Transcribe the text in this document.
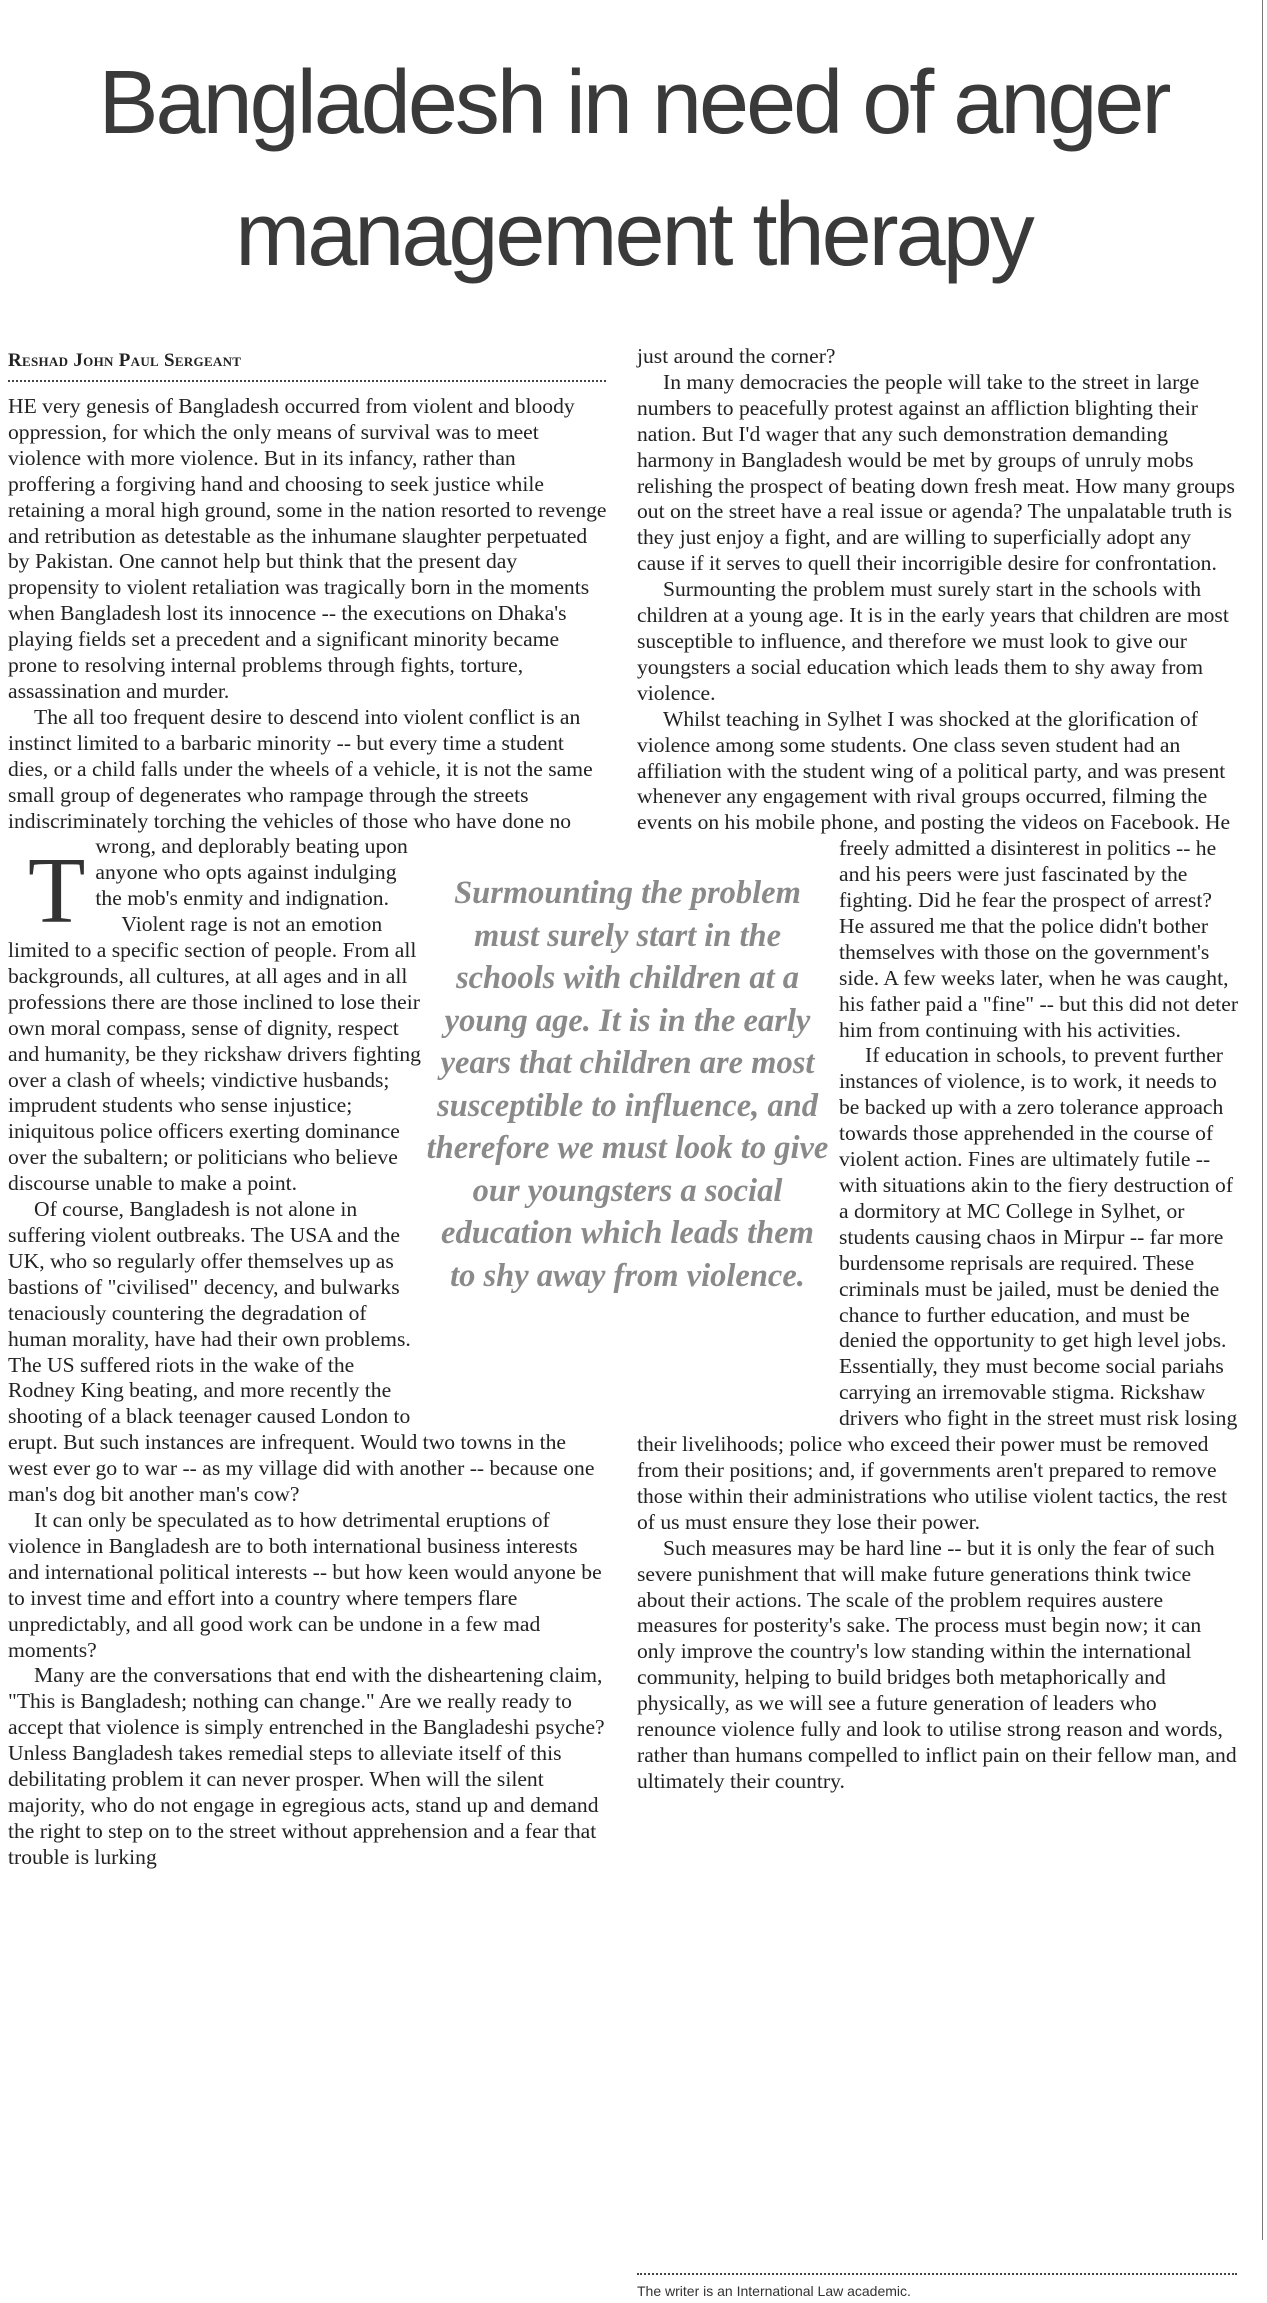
Bangladesh in need of anger
management therapy
Reshad John Paul Sergeant

T
HE very genesis of Bangladesh occurred from violent and bloody oppression, for which the only means of survival was to meet violence with more violence. But in its infancy, rather than proffering a forgiving hand and choosing to seek justice while retaining a moral high ground, some in the nation resorted to revenge and retribution as detestable as the inhumane slaughter perpetuated by Pakistan. One cannot help but think that the present day propensity to violent retaliation was tragically born in the moments when Bangladesh lost its innocence -- the executions on Dhaka's playing fields set a precedent and a significant minority became prone to resolving internal problems through fights, torture, assassination and murder.

The all too frequent desire to descend into violent conflict is an instinct limited to a barbaric minority -- but every time a student dies, or a child falls under the wheels of a vehicle, it is not the same small group of degenerates who rampage through the streets indiscriminately torching the vehicles of those who have done no wrong, and deplorably beating upon anyone who opts against indulging the mob's enmity and indignation.

Violent rage is not an emotion limited to a specific section of people. From all backgrounds, all cultures, at all ages and in all professions there are those inclined to lose their own moral compass, sense of dignity, respect and humanity, be they rickshaw drivers fighting over a clash of wheels; vindictive husbands; imprudent students who sense injustice; iniquitous police officers exerting dominance over the subaltern; or politicians who believe discourse unable to make a point.

Of course, Bangladesh is not alone in suffering violent outbreaks. The USA and the UK, who so regularly offer themselves up as bastions of "civilised" decency, and bulwarks tenaciously countering the degradation of human morality, have had their own problems. The US suffered riots in the wake of the Rodney King beating, and more recently the shooting of a black teenager caused London to erupt. But such instances are infrequent. Would two towns in the west ever go to war -- as my village did with another -- because one man's dog bit another man's cow?

It can only be speculated as to how detrimental eruptions of violence in Bangladesh are to both international business interests and international political interests -- but how keen would anyone be to invest time and effort into a country where tempers flare unpredictably, and all good work can be undone in a few mad moments?

Many are the conversations that end with the disheartening claim, "This is Bangladesh; nothing can change." Are we really ready to accept that violence is simply entrenched in the Bangladeshi psyche? Unless Bangladesh takes remedial steps to alleviate itself of this debilitating problem it can never prosper. When will the silent majority, who do not engage in egregious acts, stand up and demand the right to step on to the street without apprehension and a fear that trouble is lurking

just around the corner?

In many democracies the people will take to the street in large numbers to peacefully protest against an affliction blighting their nation. But I'd wager that any such demonstration demanding harmony in Bangladesh would be met by groups of unruly mobs relishing the prospect of beating down fresh meat. How many groups out on the street have a real issue or agenda? The unpalatable truth is they just enjoy a fight, and are willing to superficially adopt any cause if it serves to quell their incorrigible desire for confrontation.

Surmounting the problem must surely start in the schools with children at a young age. It is in the early years that children are most susceptible to influence, and therefore we must look to give our youngsters a social education which leads them to shy away from violence.

Whilst teaching in Sylhet I was shocked at the glorification of violence among some students. One class seven student had an affiliation with the student wing of a political party, and was present whenever any engagement with rival groups occurred, filming the events on his mobile phone, and posting the videos on Facebook. He freely admitted a disinterest in politics -- he and his peers were just fascinated by the fighting. Did he fear the prospect of arrest? He assured me that the police didn't bother themselves with those on the government's side. A few weeks later, when he was caught, his father paid a "fine" -- but this did not deter him from continuing with his activities.

If education in schools, to prevent further instances of violence, is to work, it needs to be backed up with a zero tolerance approach towards those apprehended in the course of violent action. Fines are ultimately futile -- with situations akin to the fiery destruction of a dormitory at MC College in Sylhet, or students causing chaos in Mirpur -- far more burdensome reprisals are required. These criminals must be jailed, must be denied the chance to further education, and must be denied the opportunity to get high level jobs. Essentially, they must become social pariahs carrying an irremovable stigma. Rickshaw drivers who fight in the street must risk losing their livelihoods; police who exceed their power must be removed from their positions; and, if governments aren't prepared to remove those within their administrations who utilise violent tactics, the rest of us must ensure they lose their power.

Such measures may be hard line -- but it is only the fear of such severe punishment that will make future generations think twice about their actions. The scale of the problem requires austere measures for posterity's sake. The process must begin now; it can only improve the country's low standing within the international community, helping to build bridges both metaphorically and physically, as we will see a future generation of leaders who renounce violence fully and look to utilise strong reason and words, rather than humans compelled to inflict pain on their fellow man, and ultimately their country.

Surmounting the problem must surely start in the schools with children at a young age. It is in the early years that children are most susceptible to influence, and therefore we must look to give our youngsters a social education which leads them to shy away from violence.
The writer is an International Law academic.
